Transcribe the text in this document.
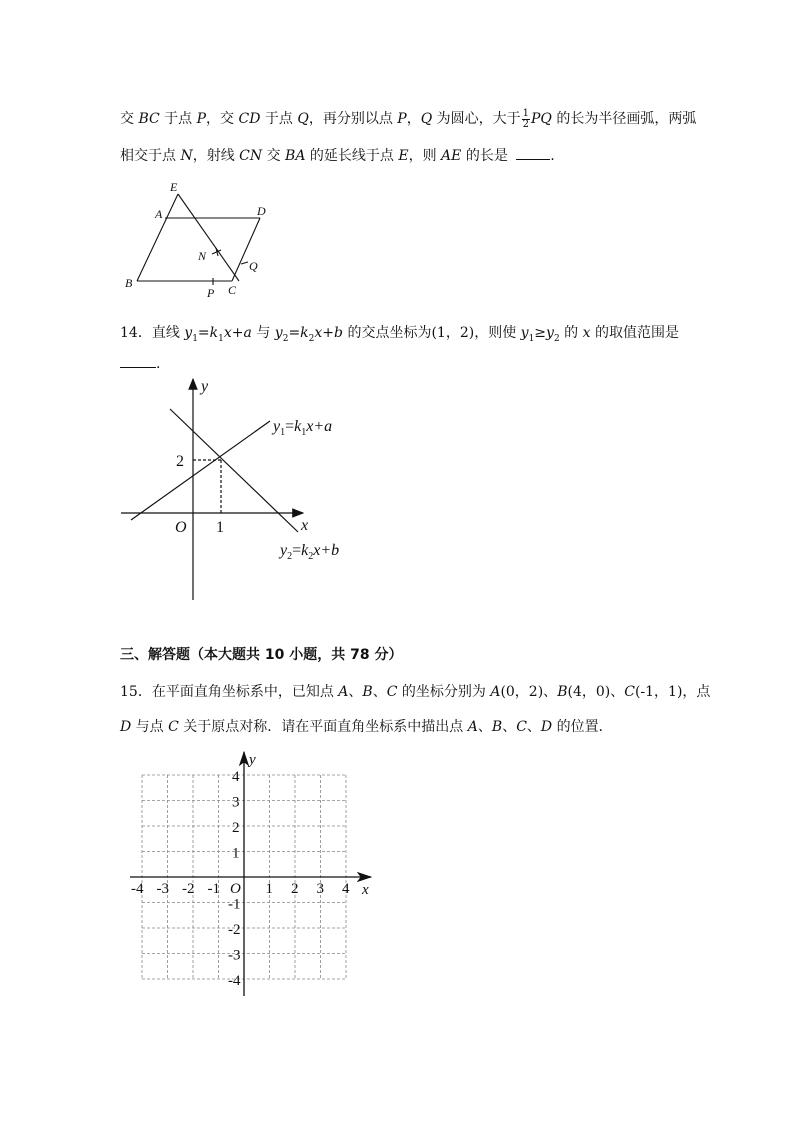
交 BC 于点 P，交 CD 于点 Q，再分别以点 P，Q 为圆心，大于 $\frac{1}{2}$ PQ 的长为半径画弧，两弧
相交于点 N，射线 CN 交 BA 的延长线于点 E，则 AE 的长是	.
E
A	D
N
Q
B
P C
14．直线 $y_1=k_1x+a$ 与 $y_2=k_2x+b$ 的交点坐标为(1，2)，则使 $y_1\ge y_2$ 的 x 的取值范围是
.
y
x
O 1
2
$y_1=k_1x+a$
$y_2=k_2x+b$
三、解答题（本大题共 10 小题，共 78 分）
15．在平面直角坐标系中，已知点 A、B、C 的坐标分别为 A(0，2)、B(4，0)、C(-1，1)，点
D 与点 C 关于原点对称．请在平面直角坐标系中描出点 A、B、C、D 的位置．
y
x
O
-4 -3 -2 -1	1 2 3 4
4
3
2
1
-1
-2
-3
-4
